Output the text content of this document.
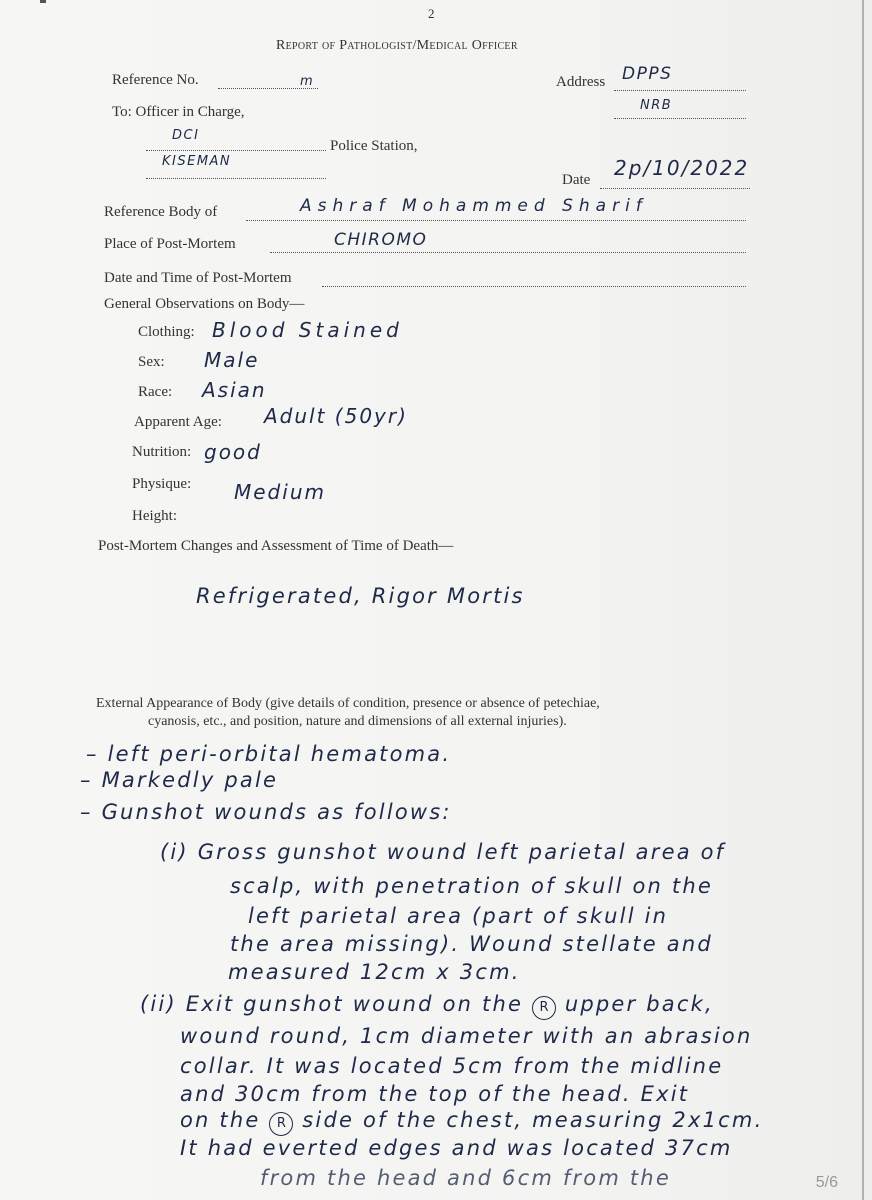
2
Report of Pathologist/Medical Officer
Reference No.	m	Address DPPS
NRB
To: Officer in Charge,
DCI
Police Station,
KISEMAN
Date 2p/10/2022
Reference Body of	Ashraf Mohammed Sharif
Place of Post-Mortem	CHIROMO
Date and Time of Post-Mortem
General Observations on Body—
Clothing: Blood Stained
Sex: Male
Race: Asian
Apparent Age: Adult (50yr)
Nutrition: good
Physique: Medium
Height:
Post-Mortem Changes and Assessment of Time of Death—
Refrigerated, Rigor Mortis
External Appearance of Body (give details of condition, presence or absence of petechiae,
cyanosis, etc., and position, nature and dimensions of all external injuries).
– left peri-orbital hematoma.
– Markedly pale
– Gunshot wounds as follows:
(i) Gross gunshot wound left parietal area of
scalp, with penetration of skull on the
left parietal area (part of skull in
the area missing). Wound stellate and
measured 12cm x 3cm.
(ii) Exit gunshot wound on the R upper back,
wound round, 1cm diameter with an abrasion
collar. It was located 5cm from the midline
and 30cm from the top of the head. Exit
on the R side of the chest, measuring 2x1cm.
It had everted edges and was located 37cm
from the head and 6cm from the	5/6
